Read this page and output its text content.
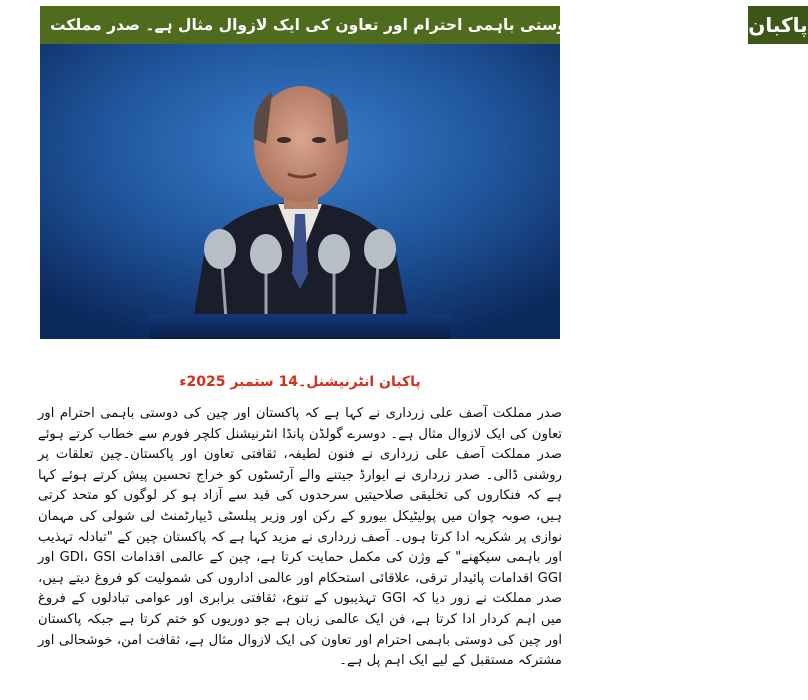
پاکستان اور چین کی دوستی باہمی احترام اور تعاون کی ایک لازوال مثال ہے۔ صدر مملکت پاکبان
پاکبان انٹرنیشنل۔14 ستمبر 2025ء

صدر مملکت آصف علی زرداری نے کہا ہے کہ پاکستان اور چین کی دوستی باہمی احترام اور تعاون کی ایک لازوال مثال ہے۔ دوسرے گولڈن پانڈا انٹرنیشنل کلچر فورم سے خطاب کرتے ہوئے صدر مملکت آصف علی زرداری نے فنون لطیفہ، ثقافتی تعاون اور پاکستان۔چین تعلقات پر روشنی ڈالی۔ صدر زرداری نے ایوارڈ جیتنے والے آرٹسٹوں کو خراج تحسین پیش کرتے ہوئے کہا ہے کہ فنکاروں کی تخلیقی صلاحیتیں سرحدوں کی قید سے آزاد ہو کر لوگوں کو متحد کرتی ہیں، صوبہ چوان میں پولیٹیکل بیورو کے رکن اور وزیر پبلسٹی ڈیپارٹمنٹ لی شولی کی مہمان نوازی پر شکریہ ادا کرتا ہوں۔ آصف زرداری نے مزید کہا ہے کہ پاکستان چین کے "تبادلہ تہذیب اور باہمی سیکھنے" کے وژن کی مکمل حمایت کرتا ہے، چین کے عالمی اقدامات GDI، GSI اور GGI اقدامات پائیدار ترقی، علاقائی استحکام اور عالمی اداروں کی شمولیت کو فروغ دیتے ہیں، صدر مملکت نے زور دیا کہ GGI تہذیبوں کے تنوع، ثقافتی برابری اور عوامی تبادلوں کے فروغ میں اہم کردار ادا کرتا ہے، فن ایک عالمی زبان ہے جو دوریوں کو ختم کرتا ہے جبکہ پاکستان اور چین کی دوستی باہمی احترام اور تعاون کی ایک لازوال مثال ہے، ثقافت امن، خوشحالی اور مشترکہ مستقبل کے لیے ایک اہم پل ہے۔
